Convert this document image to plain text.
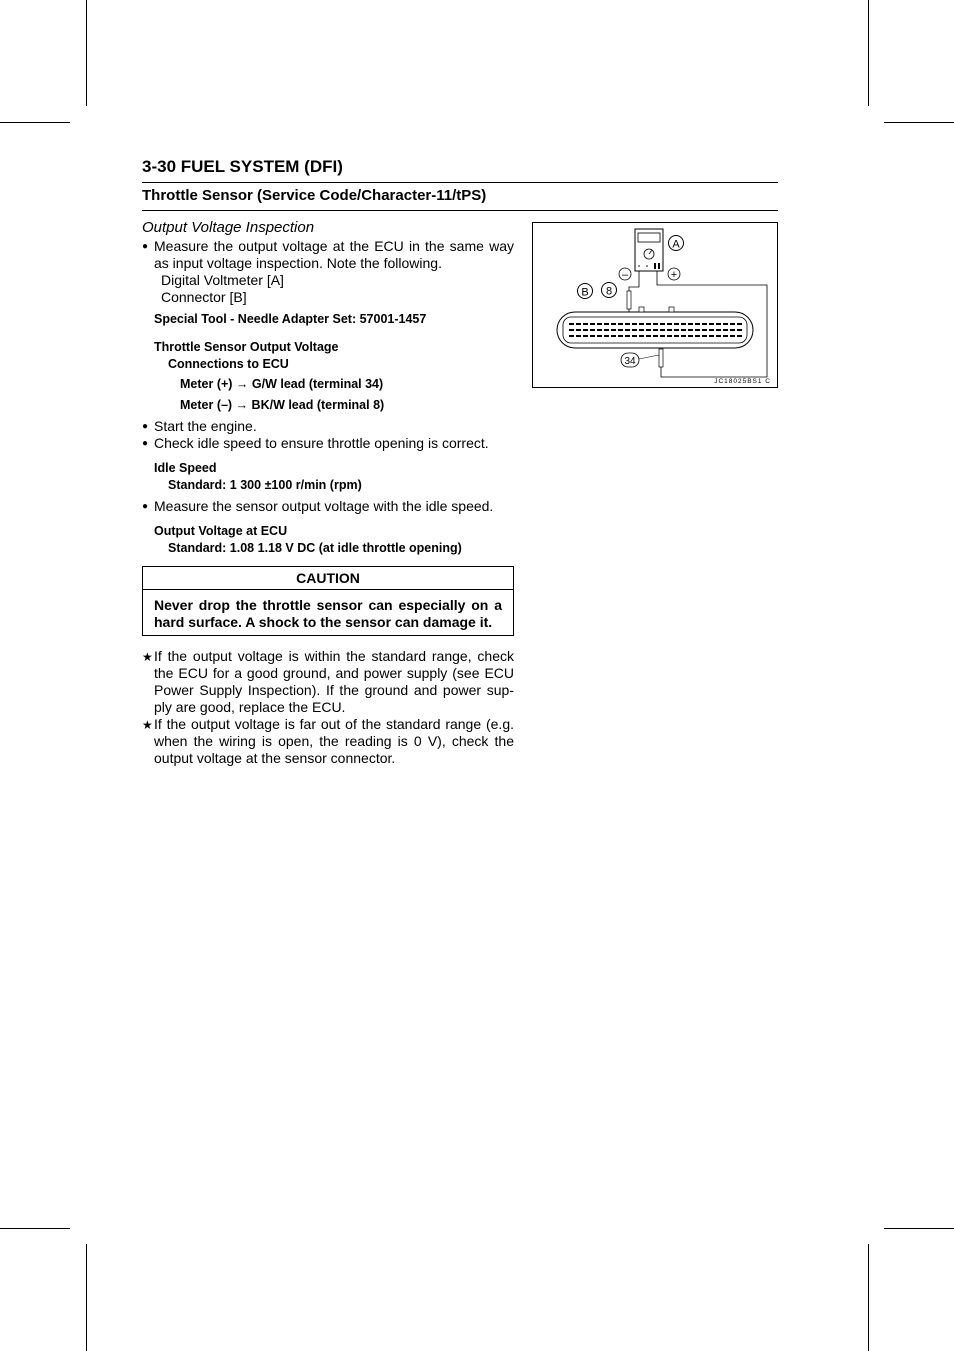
3-30 FUEL SYSTEM (DFI)
Throttle Sensor (Service Code/Character-11/tPS)
Output Voltage Inspection
● Measure the output voltage at the ECU in the same way as input voltage inspection. Note the following.
Digital Voltmeter [A]
Connector [B]
Special Tool - Needle Adapter Set: 57001-1457
Throttle Sensor Output Voltage
Connections to ECU
Meter (+) → G/W lead (terminal 34)
Meter (–) → BK/W lead (terminal 8)
● Start the engine.
● Check idle speed to ensure throttle opening is correct.
Idle Speed
Standard: 1 300 ±100 r/min (rpm)
● Measure the sensor output voltage with the idle speed.
Output Voltage at ECU
Standard: 1.08 1.18 V DC (at idle throttle opening)
CAUTION
Never drop the throttle sensor can especially on a hard surface. A shock to the sensor can damage it.
★ If the output voltage is within the standard range, check the ECU for a good ground, and power supply (see ECU Power Supply Inspection). If the ground and power sup-ply are good, replace the ECU.
★ If the output voltage is far out of the standard range (e.g. when the wiring is open, the reading is 0 V), check the output voltage at the sensor connector.
A
–	+
B 8
34
JC18025BS1 C
